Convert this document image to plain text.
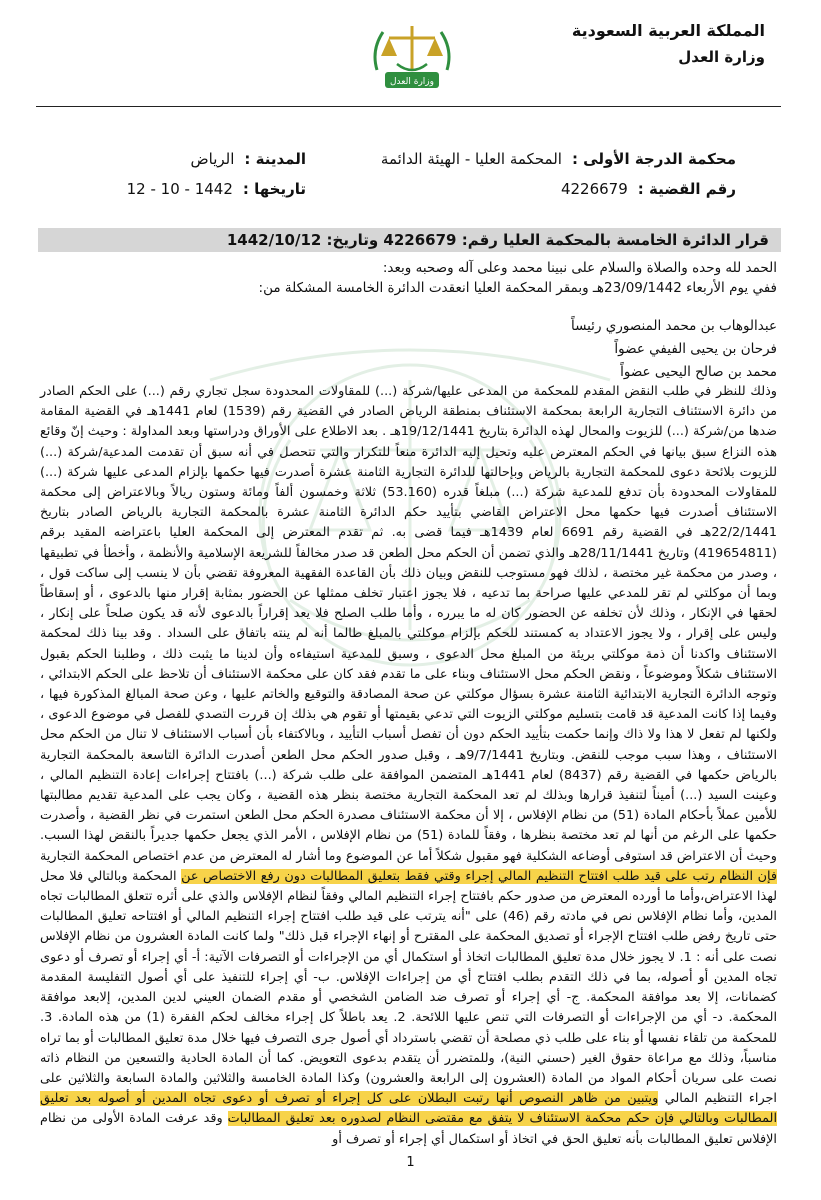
المملكة العربية السعودية
وزارة العدل
وزارة العدل
محكمة الدرجة الأولى :المحكمة العليا - الهيئة الدائمة
المدينة :الرياض
رقم القضية :4226679
تاريخها :1442 - 10 - 12
قرار الدائرة الخامسة بالمحكمة العليا رقم: 4226679 وتاريخ: 1442/10/12

الحمد لله وحده والصلاة والسلام على نبينا محمد وعلى آله وصحبه وبعد:

ففي يوم الأربعاء 23/09/1442هـ وبمقر المحكمة العليا انعقدت الدائرة الخامسة المشكلة من:

عبدالوهاب بن محمد المنصوري رئيساً
فرحان بن يحيى الفيفي عضواً
محمد بن صالح اليحيى عضواً

وذلك للنظر في طلب النقض المقدم للمحكمة من المدعى عليها/شركة (...) للمقاولات المحدودة سجل تجاري رقم (...) على الحكم الصادر من دائرة الاستئناف التجارية الرابعة بمحكمة الاستئناف بمنطقة الرياض الصادر في القضية رقم (1539) لعام 1441هـ في القضية المقامة ضدها من/شركة (...) للزيوت والمحال لهذه الدائرة بتاريخ 19/12/1441هـ . بعد الاطلاع على الأوراق ودراستها وبعد المداولة : وحيث إنّ وقائع هذه النزاع سبق بيانها في الحكم المعترض عليه وتحيل إليه الدائرة منعاً للتكرار والتي تتحصل في أنه سبق أن تقدمت المدعية/شركة (...) للزيوت بلائحة دعوى للمحكمة التجارية بالرياض وبإحالتها للدائرة التجارية الثامنة عشرة أصدرت فيها حكمها بإلزام المدعى عليها شركة (...) للمقاولات المحدودة بأن تدفع للمدعية شركة (...) مبلغاً قدره (53.160) ثلاثة وخمسون ألفاً ومائة وستون ريالاً وبالاعتراض إلى محكمة الاستئناف أصدرت فيها حكمها محل الاعتراض القاضي بتأييد حكم الدائرة الثامنة عشرة بالمحكمة التجارية بالرياض الصادر بتاريخ 22/2/1441هـ في القضية رقم 6691 لعام 1439هـ فيما قضى به. ثم تقدم المعترض إلى المحكمة العليا باعتراضه المقيد برقم (419654811) وتاريخ 28/11/1441هـ والذي تضمن أن الحكم محل الطعن قد صدر مخالفاً للشريعة الإسلامية والأنظمة ، وأخطأ في تطبيقها ، وصدر من محكمة غير مختصة ، لذلك فهو مستوجب للنقض وبيان ذلك بأن القاعدة الفقهية المعروفة تقضي بأن لا ينسب إلى ساكت قول ، وبما أن موكلتي لم تقر للمدعي عليها صراحة بما تدعيه ، فلا يجوز اعتبار تخلف ممثلها عن الحضور بمثابة إقرار منها بالدعوى ، أو إسقاطاً لحقها في الإنكار ، وذلك لأن تخلفه عن الحضور كان له ما يبرره ، وأما طلب الصلح فلا يعد إقراراً بالدعوى لأنه قد يكون صلحاً على إنكار ، وليس على إقرار ، ولا يجوز الاعتداد به كمستند للحكم بإلزام موكلتي بالمبلغ طالما أنه لم ينته باتفاق على السداد . وقد بينا ذلك لمحكمة الاستئناف واكدنا أن ذمة موكلتي بريئة من المبلغ محل الدعوى ، وسبق للمدعية استيفاءه وأن لدينا ما يثبت ذلك ، وطلبنا الحكم بقبول الاستئناف شكلاً وموضوعاً ، ونقض الحكم محل الاستئناف وبناء على ما تقدم فقد كان على محكمة الاستئناف أن تلاحظ على الحكم الابتدائي ، وتوجه الدائرة التجارية الابتدائية الثامنة عشرة بسؤال موكلتي عن صحة المصادقة والتوقيع والخاتم عليها ، وعن صحة المبالغ المذكورة فيها ، وفيما إذا كانت المدعية قد قامت بتسليم موكلتي الزيوت التي تدعي بقيمتها أو تقوم هي بذلك إن قررت التصدي للفصل في موضوع الدعوى ، ولكنها لم تفعل لا هذا ولا ذاك وإنما حكمت بتأييد الحكم دون أن تفصل أسباب التأييد ، وبالاكتفاء بأن أسباب الاستئناف لا تنال من الحكم محل الاستئناف ، وهذا سبب موجب للنقض. وبتاريخ 9/7/1441هـ ، وقبل صدور الحكم محل الطعن أصدرت الدائرة التاسعة بالمحكمة التجارية بالرياض حكمها في القضية رقم (8437) لعام 1441هـ المتضمن الموافقة على طلب شركة (...) بافتتاح إجراءات إعادة التنظيم المالي ، وعينت السيد (...) أميناً لتنفيذ قرارها وبذلك لم تعد المحكمة التجارية مختصة بنظر هذه القضية ، وكان يجب على المدعية تقديم مطالبتها للأمين عملاً بأحكام المادة (51) من نظام الإفلاس ، إلا أن محكمة الاستئناف مصدرة الحكم محل الطعن استمرت في نظر القضية ، وأصدرت حكمها على الرغم من أنها لم تعد مختصة بنظرها ، وفقاً للمادة (51) من نظام الإفلاس ، الأمر الذي يجعل حكمها جديراً بالنقض لهذا السبب. وحيث أن الاعتراض قد استوفى أوضاعه الشكلية فهو مقبول شكلاً أما عن الموضوع وما أشار له المعترض من عدم اختصاص المحكمة التجارية فإن النظام رتب على قيد طلب افتتاح التنظيم المالي إجراء وقتي فقط بتعليق المطالبات دون رفع الاختصاص عن المحكمة وبالتالي فلا محل لهذا الاعتراض،وأما ما أورده المعترض من صدور حكم بافتتاح إجراء التنظيم المالي وفقاً لنظام الإفلاس والذي على أثره تتعلق المطالبات تجاه المدين، وأما نظام الإفلاس نص في مادته رقم (46) على "أنه يترتب على قيد طلب افتتاح إجراء التنظيم المالي أو افتتاحه تعليق المطالبات حتى تاريخ رفض طلب افتتاح الإجراء أو تصديق المحكمة على المقترح أو إنهاء الإجراء قبل ذلك" ولما كانت المادة العشرون من نظام الإفلاس نصت على أنه : 1. لا يجوز خلال مدة تعليق المطالبات اتخاذ أو استكمال أي من الإجراءات أو التصرفات الآتية: أ- أي إجراء أو تصرف أو دعوى تجاه المدين أو أصوله، بما في ذلك التقدم بطلب افتتاح أي من إجراءات الإفلاس. ب- أي إجراء للتنفيذ على أي أصول التفليسة المقدمة كضمانات، إلا بعد موافقة المحكمة. ج- أي إجراء أو تصرف ضد الضامن الشخصي أو مقدم الضمان العيني لدين المدين، إلابعد موافقة المحكمة. د- أي من الإجراءات أو التصرفات التي تنص عليها اللائحة. 2. يعد باطلاً كل إجراء مخالف لحكم الفقرة (1) من هذه المادة. 3. للمحكمة من تلقاء نفسها أو بناء على طلب ذي مصلحة أن تقضي باسترداد أي أصول جرى التصرف فيها خلال مدة تعليق المطالبات أو بما تراه مناسباً، وذلك مع مراعاة حقوق الغير (حسني النية)، وللمتضرر أن يتقدم بدعوى التعويض. كما أن المادة الحادية والتسعين من النظام ذاته نصت على سريان أحكام المواد من المادة (العشرون إلى الرابعة والعشرون) وكذا المادة الخامسة والثلاثين والمادة السابعة والثلاثين على اجراء التنظيم المالي ويتبين من ظاهر النصوص أنها رتبت البطلان على كل إجراء أو تصرف أو دعوى تجاه المدين أو أصوله بعد تعليق المطالبات وبالتالي فإن حكم محكمة الاستئناف لا يتفق مع مقتضى النظام لصدوره بعد تعليق المطالبات وقد عرفت المادة الأولى من نظام الإفلاس تعليق المطالبات بأنه تعليق الحق في اتخاذ أو استكمال أي إجراء أو تصرف أو

1
